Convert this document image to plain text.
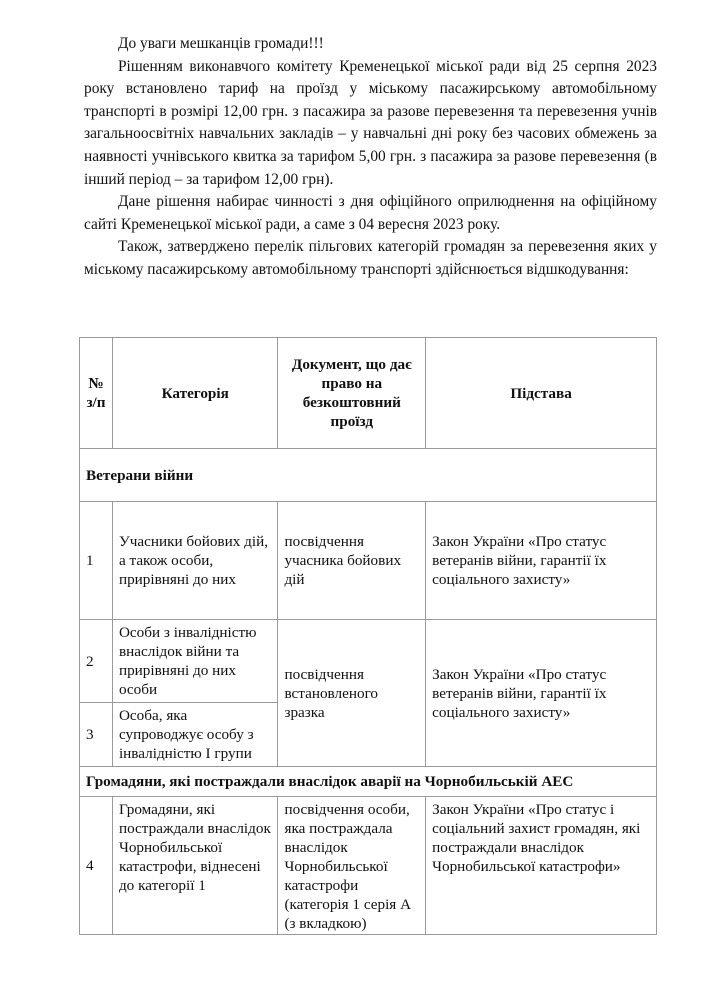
До уваги мешканців громади!!!

Рішенням виконавчого комітету Кременецької міської ради від 25 серпня 2023 року встановлено тариф на проїзд у міському пасажирському автомобільному транспорті в розмірі 12,00 грн. з пасажира за разове перевезення та перевезення учнів загальноосвітніх навчальних закладів – у навчальні дні року без часових обмежень за наявності учнівського квитка за тарифом 5,00 грн. з пасажира за разове перевезення (в інший період – за тарифом 12,00 грн).

Дане рішення набирає чинності з дня офіційного оприлюднення на офіційному сайті Кременецької міської ради, а саме з 04 вересня 2023 року.

Також, затверджено перелік пільгових категорій громадян за перевезення яких у міському пасажирському автомобільному транспорті здійснюється відшкодування:

№ з/п	Категорія	Документ, що дає право на безкоштовний проїзд	Підстава
Ветерани війни			
1	Учасники бойових дій, а також особи, прирівняні до них	посвідчення учасника бойових дій	Закон України «Про статус ветеранів війни, гарантії їх соціального захисту»
2	Особи з інвалідністю внаслідок війни та прирівняні до них особи	посвідчення встановленого зразка	Закон України «Про статус ветеранів війни, гарантії їх соціального захисту»
3	Особа, яка супроводжує особу з інвалідністю І групи		
Громадяни, які постраждали внаслідок аварії на Чорнобильській АЕС			
4	Громадяни, які постраждали внаслідок Чорнобильської катастрофи, віднесені до категорії 1	посвідчення особи, яка постраждала внаслідок Чорнобильської катастрофи (категорія 1 серія А (з вкладкою)	Закон України «Про статус і соціальний захист громадян, які постраждали внаслідок Чорнобильської катастрофи»
